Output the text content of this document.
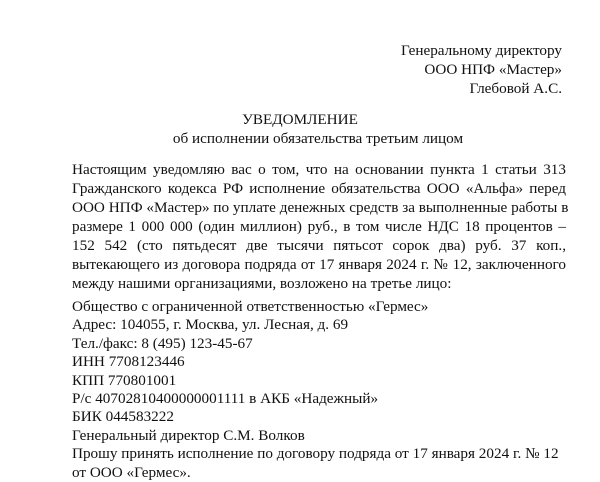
Генеральному директору
ООО НПФ «Мастер»
Глебовой А.С.
УВЕДОМЛЕНИЕ
об исполнении обязательства третьим лицом
Настоящим уведомляю вас о том, что на основании пункта 1 статьи 313
Гражданского кодекса РФ исполнение обязательства ООО «Альфа» перед
ООО НПФ «Мастер» по уплате денежных средств за выполненные работы в
размере 1 000 000 (один миллион) руб., в том числе НДС 18 процентов –
152 542 (сто пятьдесят две тысячи пятьсот сорок два) руб. 37 коп.,
вытекающего из договора подряда от 17 января 2024 г. № 12, заключенного
между нашими организациями, возложено на третье лицо:
Общество с ограниченной ответственностью «Гермес»
Адрес: 104055, г. Москва, ул. Лесная, д. 69
Тел./факс: 8 (495) 123-45-67
ИНН 7708123446
КПП 770801001
Р/с 40702810400000001111 в АКБ «Надежный»
БИК 044583222
Генеральный директор С.М. Волков
Прошу принять исполнение по договору подряда от 17 января 2024 г. № 12
от ООО «Гермес».
